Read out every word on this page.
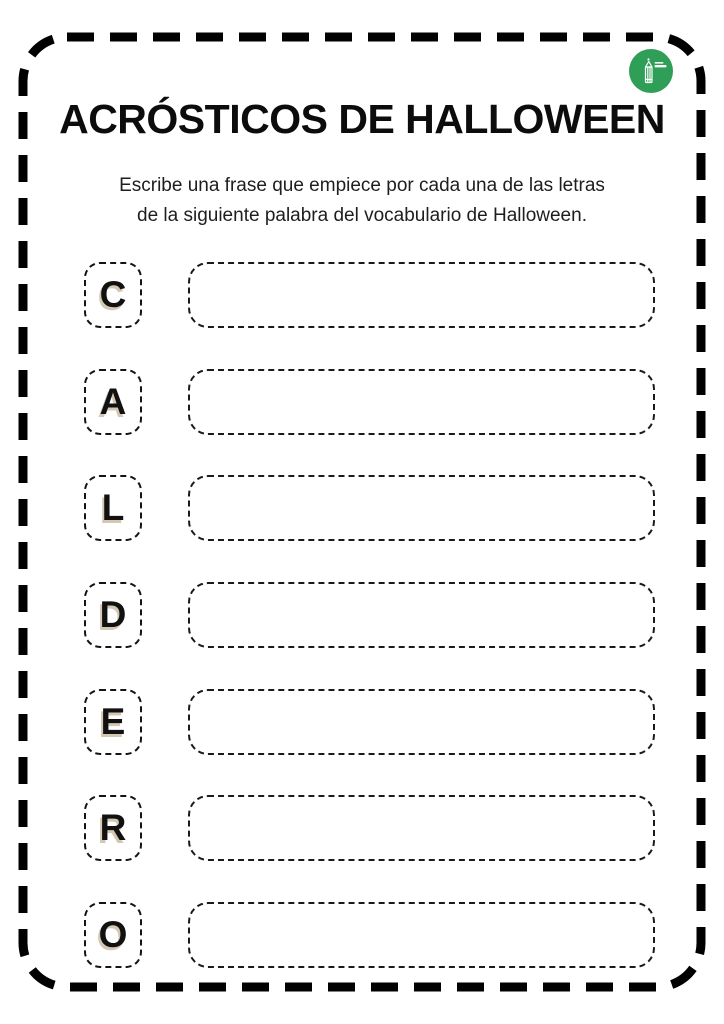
ACRÓSTICOS DE HALLOWEEN
Escribe una frase que empiece por cada una de las letras
de la siguiente palabra del vocabulario de Halloween.
C
A
L
D
E
R
O
